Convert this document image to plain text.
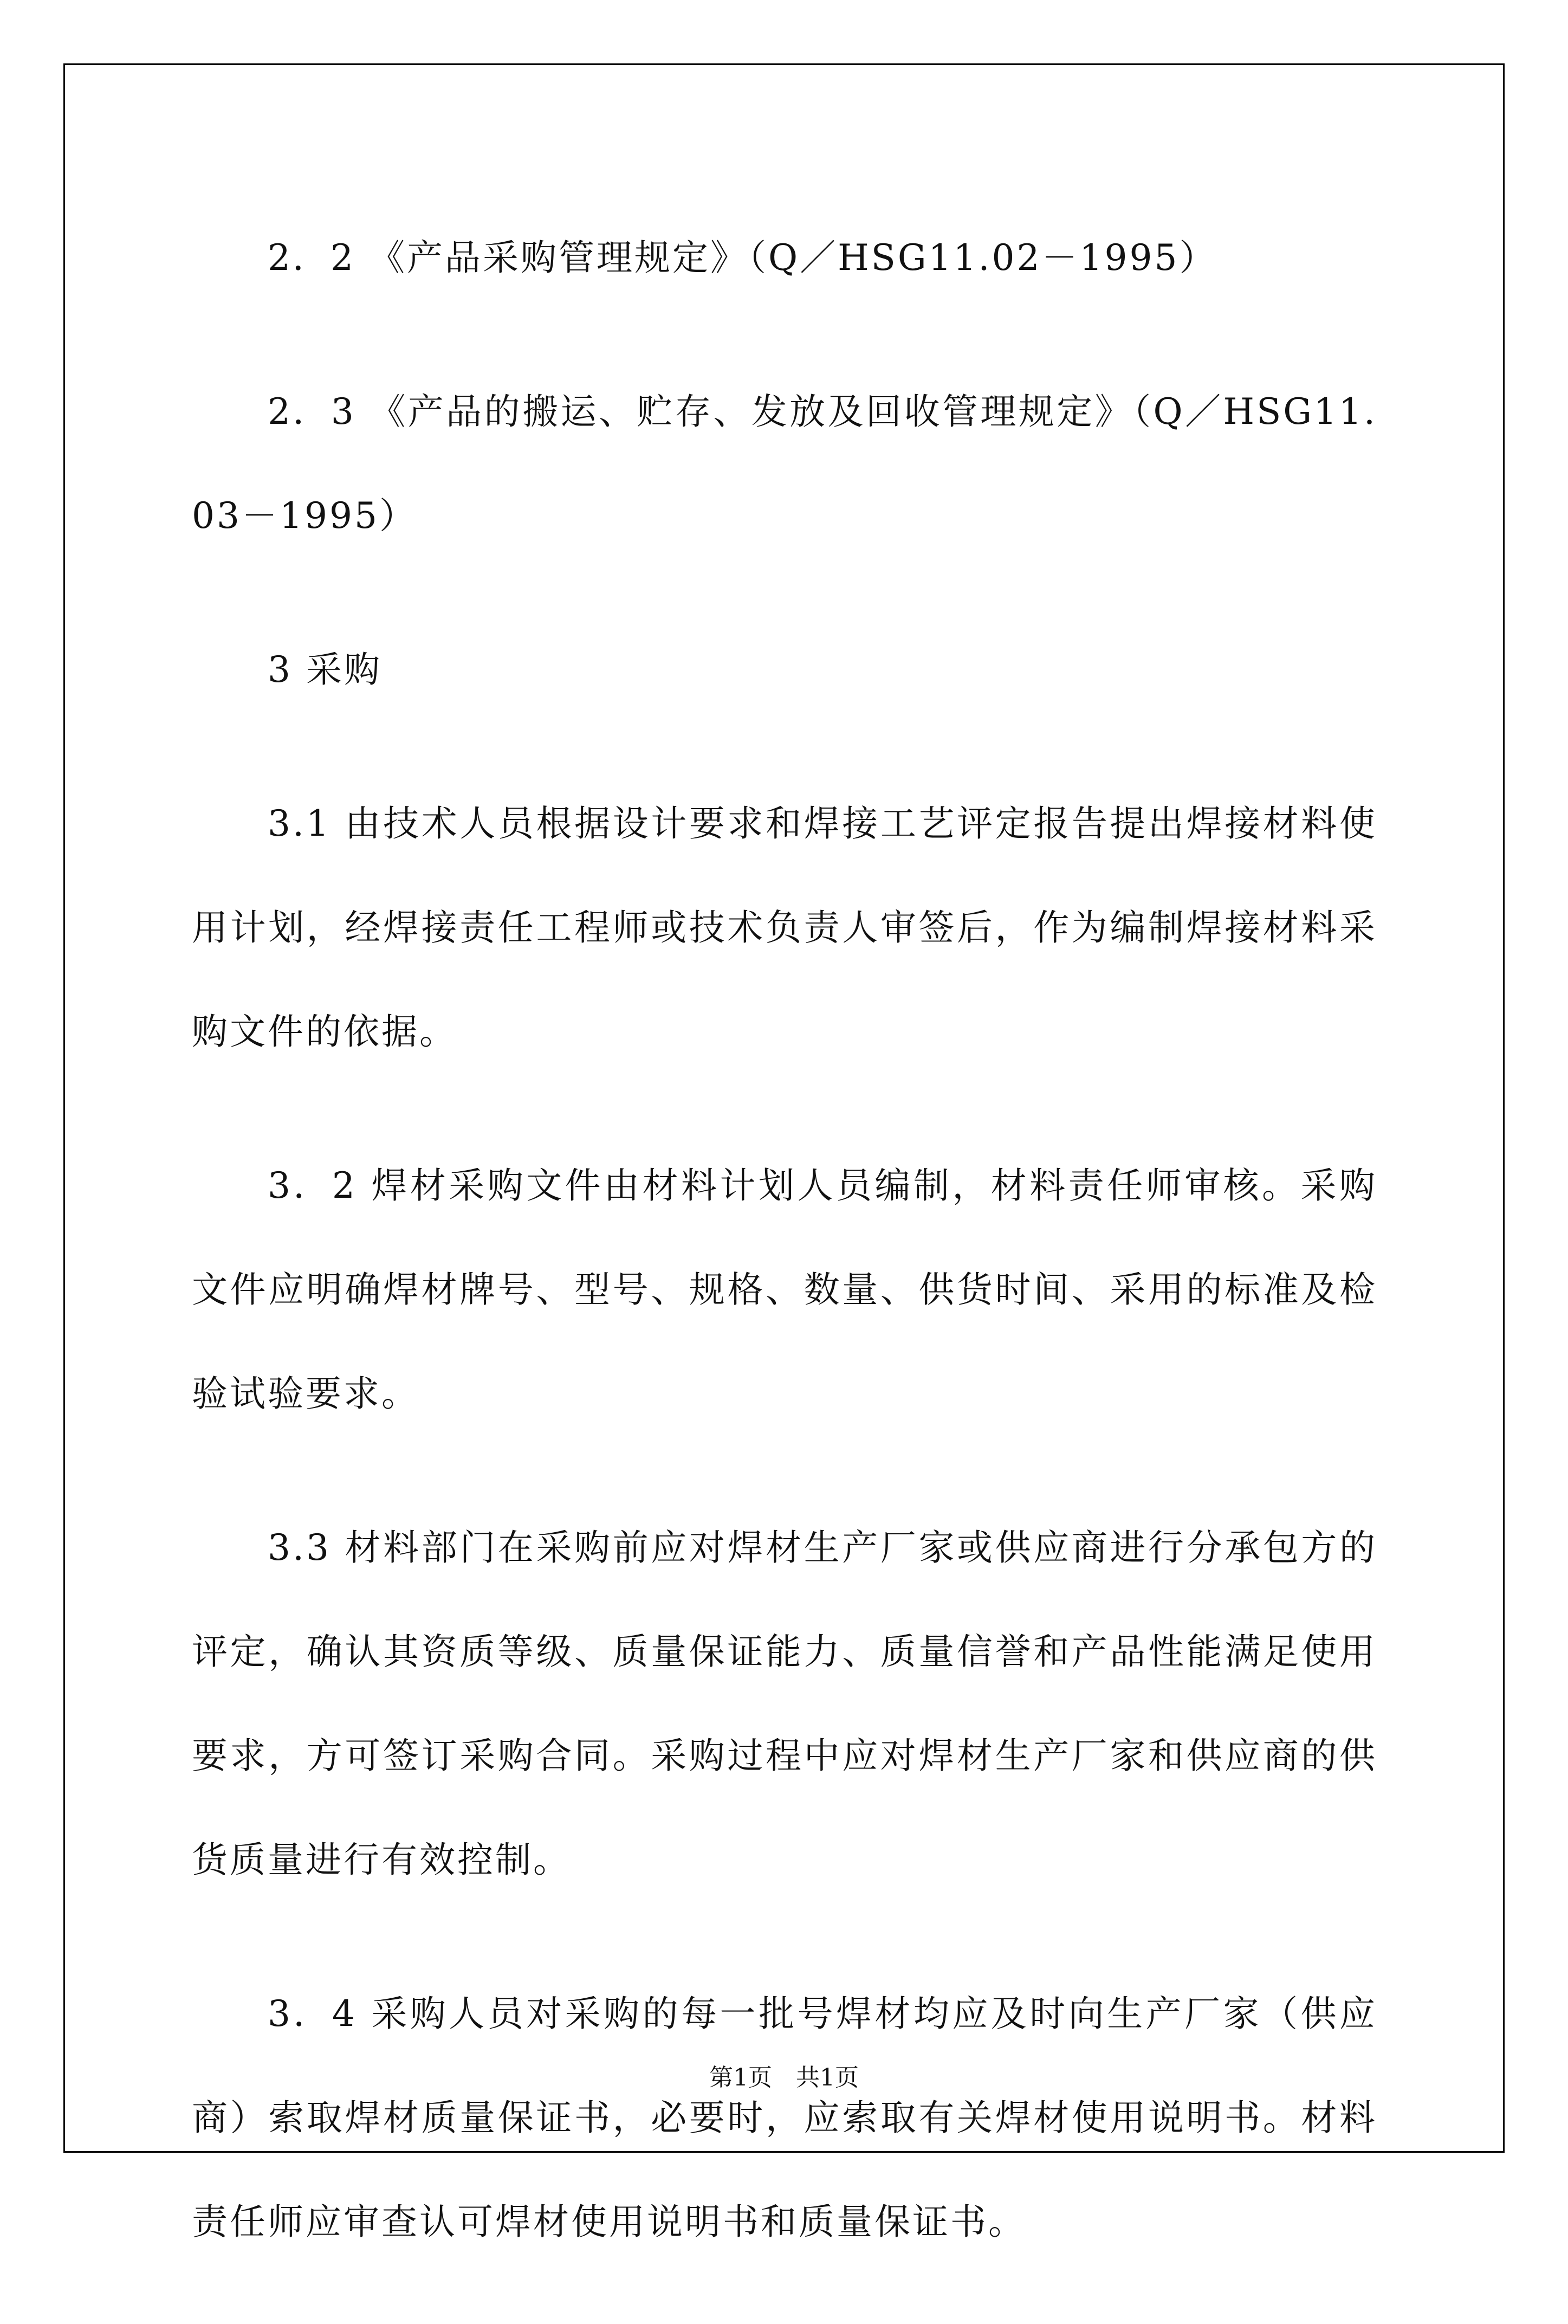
2．2 《产品采购管理规定》（Q／HSG11.02－1995）

2．3 《产品的搬运、贮存、发放及回收管理规定》（Q／HSG11.03－1995）

3 采购

3.1 由技术人员根据设计要求和焊接工艺评定报告提出焊接材料使用计划，经焊接责任工程师或技术负责人审签后，作为编制焊接材料采购文件的依据。

3．2 焊材采购文件由材料计划人员编制，材料责任师审核。采购文件应明确焊材牌号、型号、规格、数量、供货时间、采用的标准及检验试验要求。

3.3 材料部门在采购前应对焊材生产厂家或供应商进行分承包方的评定，确认其资质等级、质量保证能力、质量信誉和产品性能满足使用要求，方可签订采购合同。采购过程中应对焊材生产厂家和供应商的供货质量进行有效控制。

3．4 采购人员对采购的每一批号焊材均应及时向生产厂家（供应商）索取焊材质量保证书，必要时，应索取有关焊材使用说明书。材料责任师应审查认可焊材使用说明书和质量保证书。

第1页　共1页
